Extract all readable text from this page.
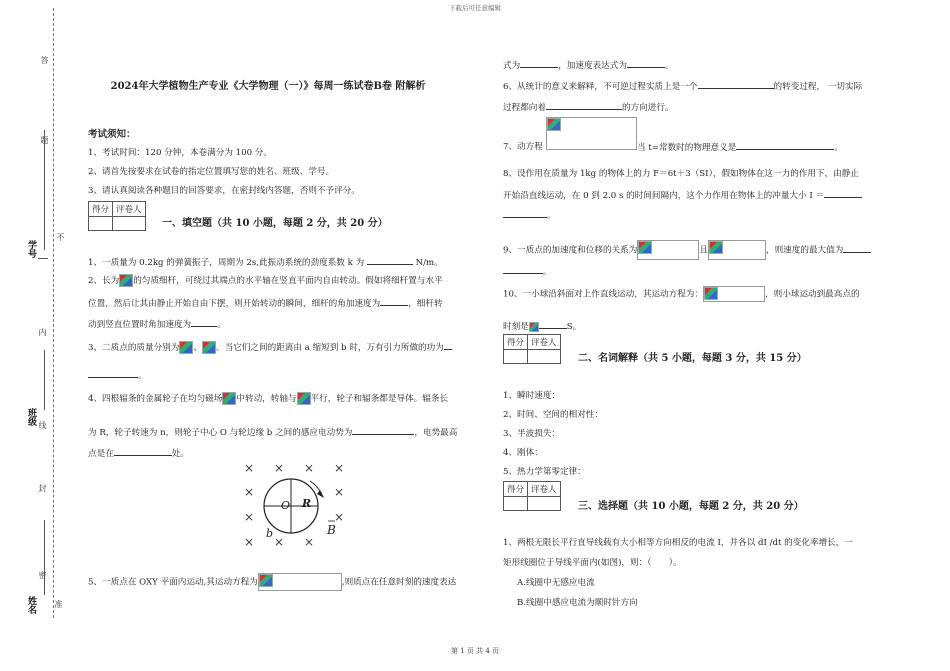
下载后可任意编辑
第 1 页 共 4 页
答
题
不
内
线
封
密
准
学号
班级
姓名
2024年大学植物生产专业《大学物理（一）》每周一练试卷B卷 附解析
考试须知：
1、考试时间：120 分钟，本卷满分为 100 分。
2、请首先按要求在试卷的指定位置填写您的姓名、班级、学号。
3、请认真阅读各种题目的回答要求，在密封线内答题，否则不予评分。
得分	评卷人

一、填空题（共 10 小题，每题 2 分，共 20 分）
1、一质量为 0.2kg 的弹簧振子，周期为 2s,此振动系统的劲度系数 k 为	N/m。
2、长为 的匀质细杆，可绕过其端点的水平轴在竖直平面内自由转动。假如将细杆置与水平
位置，然后让其由静止开始自由下摆，则开始转动的瞬间，细杆的角加速度为	，细杆转
动到竖直位置时角加速度为	。
3、二质点的质量分别为 、 。当它们之间的距离由 a 缩短到 b 时，万有引力所做的功为
。
4、四根辐条的金属轮子在均匀磁场 中转动，转轴与 平行，轮子和辐条都是导体。辐条长
为 R，轮子转速为 n，则轮子中心 O 与轮边缘 b 之间的感应电动势为	，电势最高
点是在	处。
× × × ×
×	×
×	×
× × ×
O R
b	B
5、一质点在 OXY 平面内运动,其运动方程为	,则质点在任意时刻的速度表达
式为	，加速度表达式为	。
6、从统计的意义来解释，不可逆过程实质上是一个	的转变过程， 一切实际
过程都向着	的方向进行。
7、动方程	当 t=常数时的物理意义是	。
8、设作用在质量为 1kg 的物体上的力 F＝6t＋3（SI），假如物体在这一力的作用下，由静止
开始沿直线运动，在 0 到 2.0 s 的时间间隔内，这个力作用在物体上的冲量大小 I ＝
。
9、一质点的加速度和位移的关系为	且	，则速度的最大值为
。
10、一小球沿斜面对上作直线运动，其运动方程为：	，则小球运动到最高点的
时刻是	S。
得分	评卷人

二、名词解释（共 5 小题，每题 3 分，共 15 分）
1、瞬时速度：
2、时间、空间的相对性：
3、半波损失：
4、刚体：
5、热力学第零定律：
得分	评卷人

三、选择题（共 10 小题，每题 2 分，共 20 分）
1、两根无限长平行直导线载有大小相等方向相反的电流 I，并各以 dI /dt 的变化率增长，一
矩形线圈位于导线平面内(如图)，则：（　　）。
A.线圈中无感应电流
B.线圈中感应电流为顺时针方向
